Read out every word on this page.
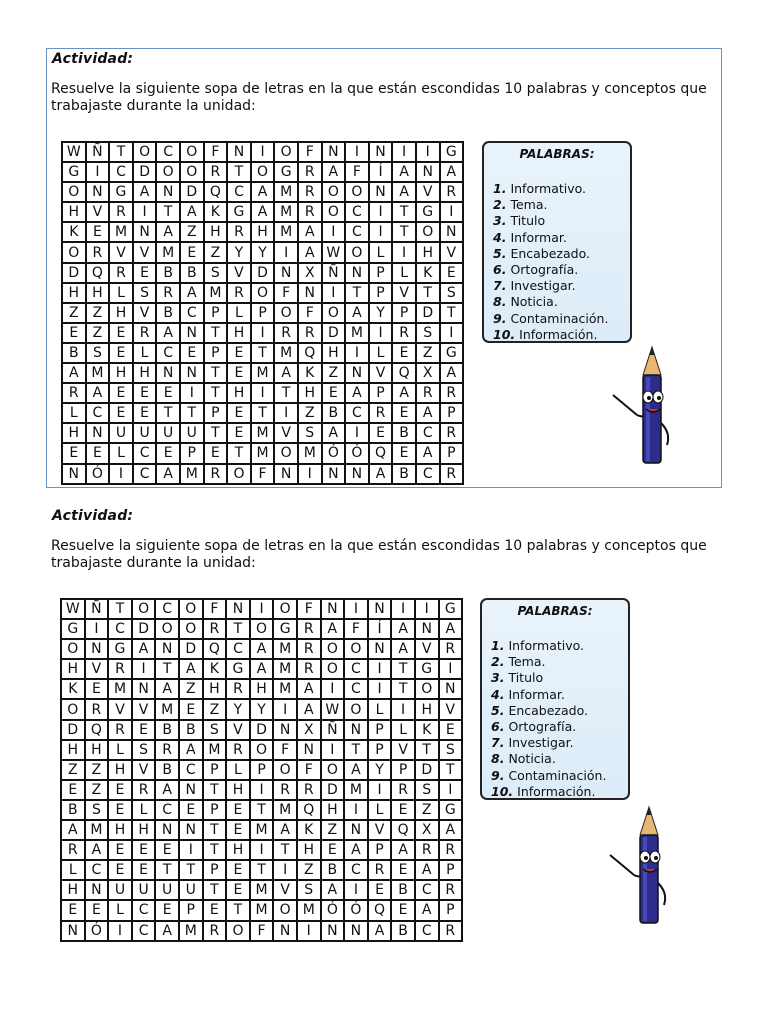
Actividad:
Resuelve la siguiente sopa de letras en la que están escondidas 10 palabras y conceptos que trabajaste durante la unidad:
W	Ñ	T	O	C	O	F	N	I	O	F	N	I	N	I	I	G
G	I	C	D	O	O	R	T	O	G	R	A	F	Í	A	N	A
O	N	G	A	N	D	Q	C	A	M	R	O	O	N	A	V	R
H	V	R	I	T	A	K	G	A	M	R	O	C	I	T	G	I
K	E	M	N	A	Z	H	R	H	M	A	I	C	I	T	O	N
O	R	V	V	M	E	Z	Y	Y	I	A	W	O	L	I	H	V
D	Q	R	E	B	B	S	V	D	N	X	Ñ	N	P	L	K	E
H	H	L	S	R	A	M	R	O	F	N	I	T	P	V	T	S
Z	Z	H	V	B	C	P	L	P	O	F	O	A	Y	P	D	T
E	Z	E	R	A	N	T	H	I	R	R	D	M	I	R	S	I
B	S	E	L	C	E	P	E	T	M	Q	H	I	L	E	Z	G
A	M	H	H	N	N	T	E	M	A	K	Z	N	V	Q	X	A
R	A	E	E	E	I	T	H	I	T	H	E	A	P	A	R	R
L	C	E	E	T	T	P	E	T	I	Z	B	C	R	E	A	P
H	N	U	U	U	U	T	E	M	V	S	A	I	E	B	C	R
E	E	L	C	E	P	E	T	M	O	M	Ó	Ó	Q	E	A	P
N	Ó	I	C	A	M	R	O	F	N	I	N	N	A	B	C	R
PALABRAS:
1. Informativo.
2. Tema.
3. Titulo
4. Informar.
5. Encabezado.
6. Ortografía.
7. Investigar.
8. Noticia.
9. Contaminación.
10. Información.
Actividad:
Resuelve la siguiente sopa de letras en la que están escondidas 10 palabras y conceptos que trabajaste durante la unidad:
W	Ñ	T	O	C	O	F	N	I	O	F	N	I	N	I	I	G
G	I	C	D	O	O	R	T	O	G	R	A	F	Í	A	N	A
O	N	G	A	N	D	Q	C	A	M	R	O	O	N	A	V	R
H	V	R	I	T	A	K	G	A	M	R	O	C	I	T	G	I
K	E	M	N	A	Z	H	R	H	M	A	I	C	I	T	O	N
O	R	V	V	M	E	Z	Y	Y	I	A	W	O	L	I	H	V
D	Q	R	E	B	B	S	V	D	N	X	Ñ	N	P	L	K	E
H	H	L	S	R	A	M	R	O	F	N	I	T	P	V	T	S
Z	Z	H	V	B	C	P	L	P	O	F	O	A	Y	P	D	T
E	Z	E	R	A	N	T	H	I	R	R	D	M	I	R	S	I
B	S	E	L	C	E	P	E	T	M	Q	H	I	L	E	Z	G
A	M	H	H	N	N	T	E	M	A	K	Z	N	V	Q	X	A
R	A	E	E	E	I	T	H	I	T	H	E	A	P	A	R	R
L	C	E	E	T	T	P	E	T	I	Z	B	C	R	E	A	P
H	N	U	U	U	U	T	E	M	V	S	A	I	E	B	C	R
E	E	L	C	E	P	E	T	M	O	M	Ó	Ó	Q	E	A	P
N	Ó	I	C	A	M	R	O	F	N	I	N	N	A	B	C	R
PALABRAS:
1. Informativo.
2. Tema.
3. Titulo
4. Informar.
5. Encabezado.
6. Ortografía.
7. Investigar.
8. Noticia.
9. Contaminación.
10. Información.
